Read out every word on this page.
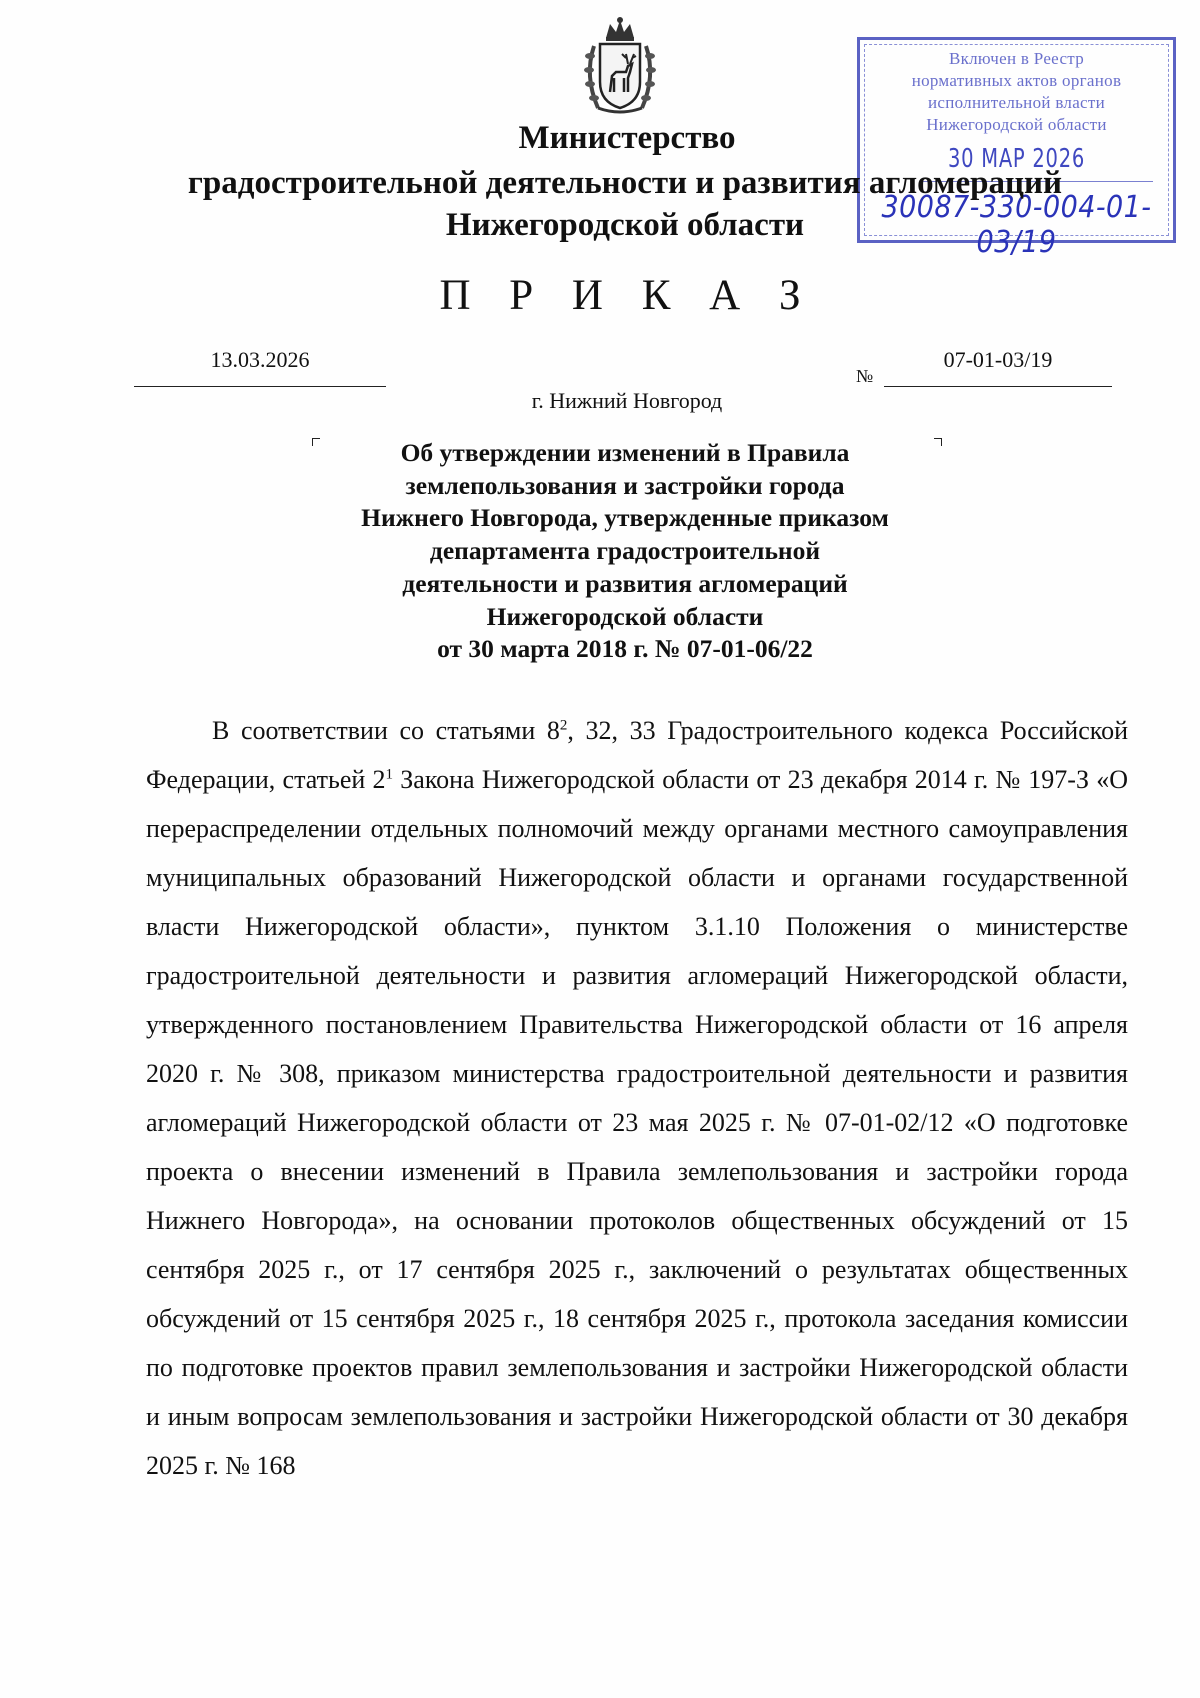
Включен в Реестр
нормативных актов органов
исполнительной власти
Нижегородской области
30 МАР 2026
30087-330-004-01-03/19
Министерство
градостроительной деятельности и развития агломераций
Нижегородской области
П Р И К А З
13.03.2026
№
07-01-03/19
г. Нижний Новгород
Об утверждении изменений в Правила
землепользования и застройки города
Нижнего Новгорода, утвержденные приказом
департамента градостроительной
деятельности и развития агломераций
Нижегородской области
от 30 марта 2018 г. № 07-01-06/22

В соответствии со статьями $8^2$, 32, 33 Градостроительного кодекса Российской Федерации, статьей $2^1$ Закона Нижегородской области от 23 декабря 2014 г. № 197-З «О перераспределении отдельных полномочий между органами местного самоуправления муниципальных образований Нижегородской области и органами государственной власти Нижегородской области», пунктом 3.1.10 Положения о министерстве градостроительной деятельности и развития агломераций Нижегородской области, утвержденного постановлением Правительства Нижегородской области от 16 апреля 2020 г. № 308, приказом министерства градостроительной деятельности и развития агломераций Нижегородской области от 23 мая 2025 г. № 07-01-02/12 «О подготовке проекта о внесении изменений в Правила землепользования и застройки города Нижнего Новгорода», на основании протоколов общественных обсуждений от 15 сентября 2025 г., от 17 сентября 2025 г., заключений о результатах общественных обсуждений от 15 сентября 2025 г., 18 сентября 2025 г., протокола заседания комиссии по подготовке проектов правил землепользования и застройки Нижегородской области и иным вопросам землепользования и застройки Нижегородской области от 30 декабря 2025 г. № 168
